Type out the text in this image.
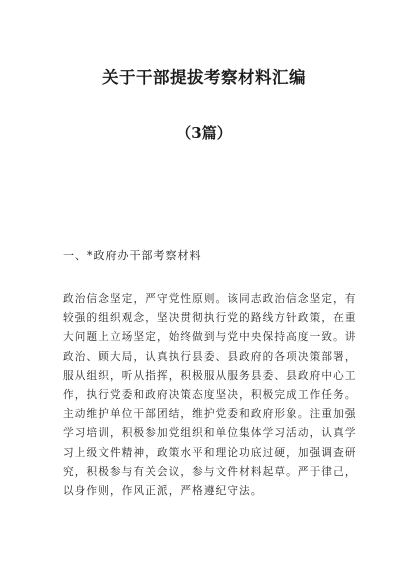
关于干部提拔考察材料汇编
（3篇）
一、*政府办干部考察材料
政治信念坚定，严守党性原则。该同志政治信念坚定，有
较强的组织观念，坚决贯彻执行党的路线方针政策，在重
大问题上立场坚定，始终做到与党中央保持高度一致。讲
政治、顾大局，认真执行县委、县政府的各项决策部署，
服从组织，听从指挥，积极服从服务县委、县政府中心工
作，执行党委和政府决策态度坚决，积极完成工作任务。
主动维护单位干部团结，维护党委和政府形象。注重加强
学习培训，积极参加党组织和单位集体学习活动，认真学
习上级文件精神，政策水平和理论功底过硬，加强调查研
究，积极参与有关会议，参与文件材料起草。严于律己，
以身作则，作风正派，严格遵纪守法。
